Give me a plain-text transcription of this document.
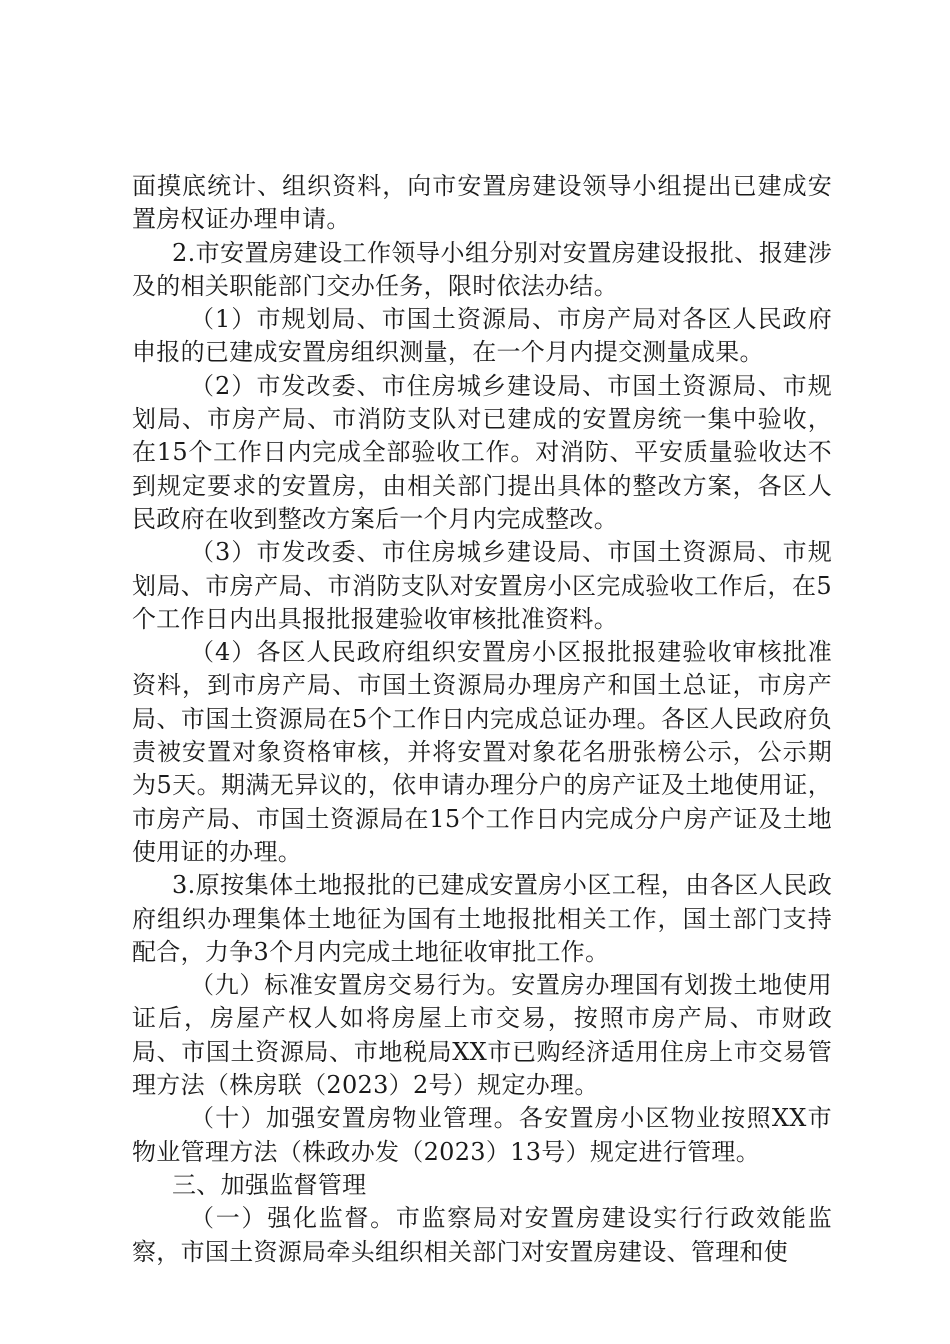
面摸底统计、组织资料，向市安置房建设领导小组提出已建成安置房权证办理申请。

2.市安置房建设工作领导小组分别对安置房建设报批、报建涉及的相关职能部门交办任务，限时依法办结。

（1）市规划局、市国土资源局、市房产局对各区人民政府申报的已建成安置房组织测量，在一个月内提交测量成果。

（2）市发改委、市住房城乡建设局、市国土资源局、市规划局、市房产局、市消防支队对已建成的安置房统一集中验收，在15个工作日内完成全部验收工作。对消防、平安质量验收达不到规定要求的安置房，由相关部门提出具体的整改方案，各区人民政府在收到整改方案后一个月内完成整改。

（3）市发改委、市住房城乡建设局、市国土资源局、市规划局、市房产局、市消防支队对安置房小区完成验收工作后，在5个工作日内出具报批报建验收审核批准资料。

（4）各区人民政府组织安置房小区报批报建验收审核批准资料，到市房产局、市国土资源局办理房产和国土总证，市房产局、市国土资源局在5个工作日内完成总证办理。各区人民政府负责被安置对象资格审核，并将安置对象花名册张榜公示，公示期为5天。期满无异议的，依申请办理分户的房产证及土地使用证，市房产局、市国土资源局在15个工作日内完成分户房产证及土地使用证的办理。

3.原按集体土地报批的已建成安置房小区工程，由各区人民政府组织办理集体土地征为国有土地报批相关工作，国土部门支持配合，力争3个月内完成土地征收审批工作。

（九）标准安置房交易行为。安置房办理国有划拨土地使用证后，房屋产权人如将房屋上市交易，按照市房产局、市财政局、市国土资源局、市地税局XX市已购经济适用住房上市交易管理方法（株房联（2023）2号）规定办理。

（十）加强安置房物业管理。各安置房小区物业按照XX市物业管理方法（株政办发（2023）13号）规定进行管理。

三、加强监督管理

（一）强化监督。市监察局对安置房建设实行行政效能监察，市国土资源局牵头组织相关部门对安置房建设、管理和使
